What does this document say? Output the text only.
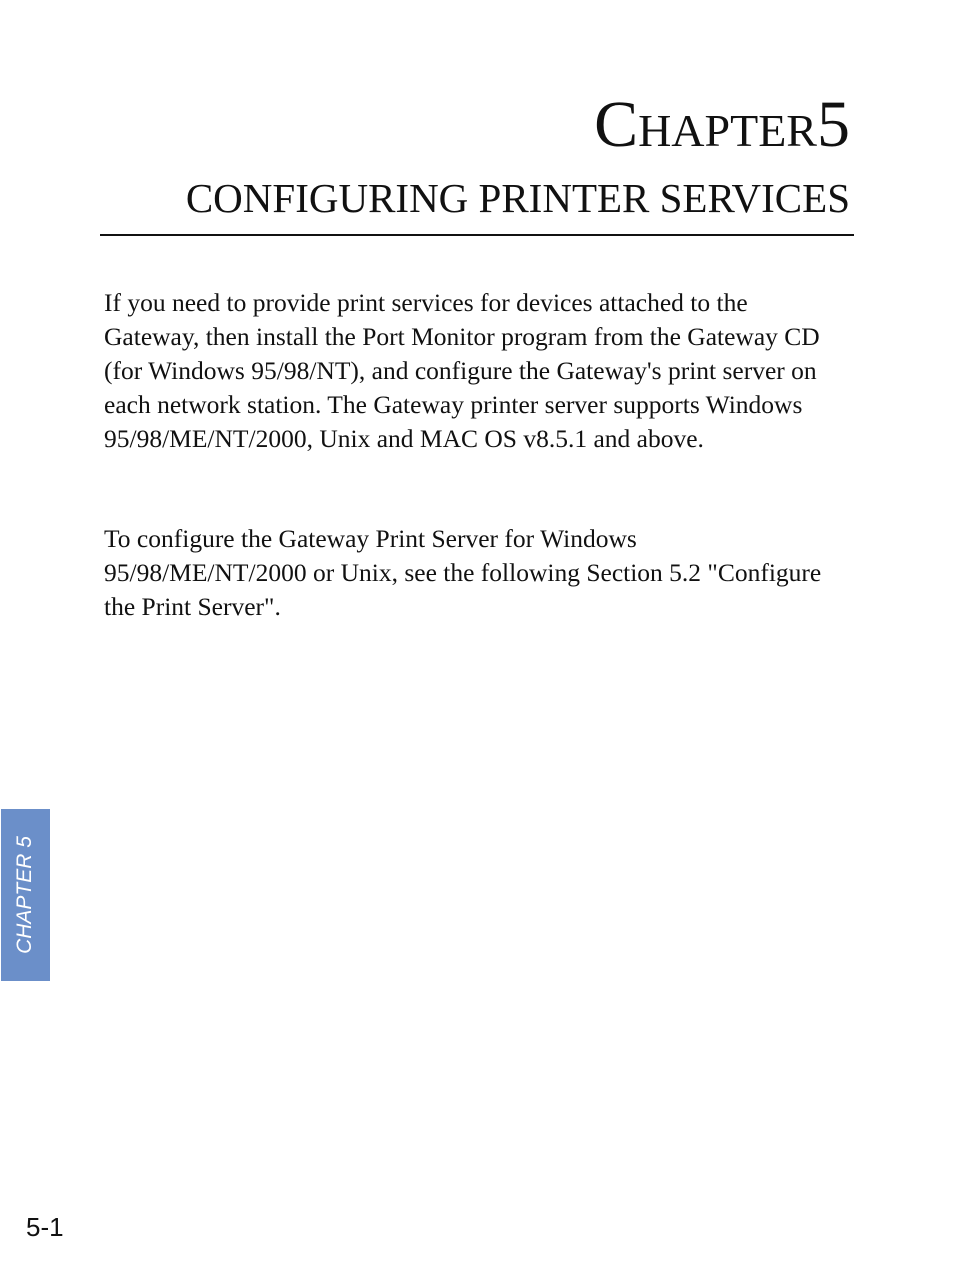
Chapter5
CONFIGURING PRINTER SERVICES

If you need to provide print services for devices attached to the Gateway, then install the Port Monitor program from the Gateway CD (for Windows 95/98/NT), and configure the Gateway's print server on each network station. The Gateway printer server supports Windows 95/98/ME/NT/2000, Unix and MAC OS v8.5.1 and above.

To configure the Gateway Print Server for Windows 95/98/ME/NT/2000 or Unix, see the following Section 5.2 "Configure the Print Server".

CHAPTER 5
5-1
